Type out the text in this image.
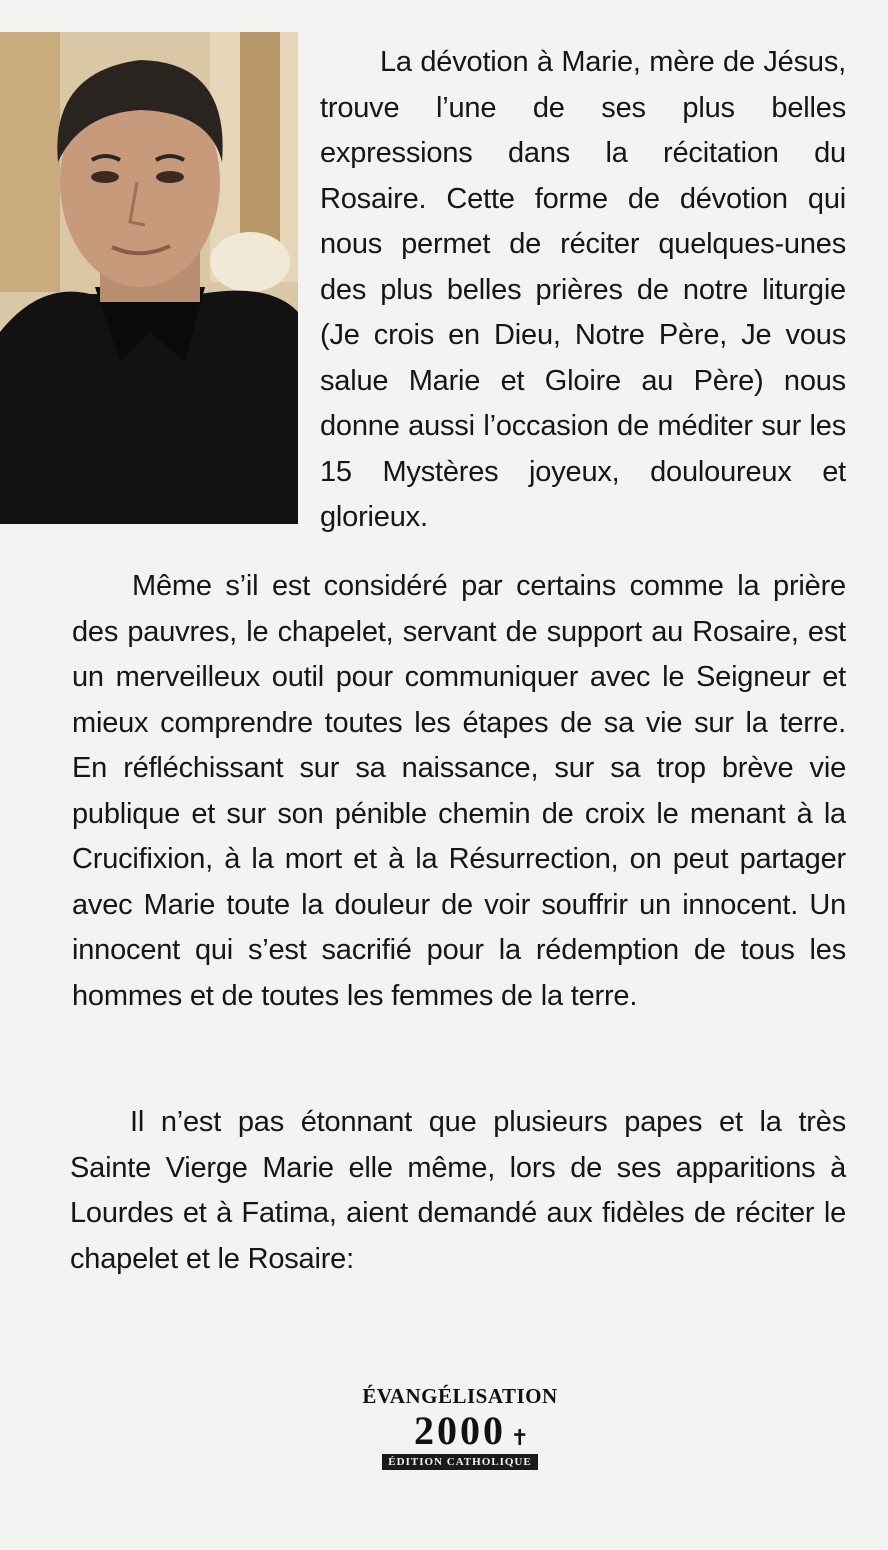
La dévotion à Marie, mère de Jésus, trouve l’une de ses plus belles expressions dans la récitation du Rosaire. Cette forme de dévotion qui nous permet de réciter quelques-unes des plus belles prières de notre liturgie (Je crois en Dieu, Notre Père, Je vous salue Marie et Gloire au Père) nous donne aussi l’occasion de méditer sur les 15 Mystères joyeux, douloureux et glorieux.

Même s’il est considéré par certains comme la prière des pauvres, le chapelet, servant de support au Rosaire, est un merveilleux outil pour communiquer avec le Seigneur et mieux comprendre toutes les étapes de sa vie sur la terre. En réfléchissant sur sa naissance, sur sa trop brève vie publique et sur son pénible chemin de croix le menant à la Crucifixion, à la mort et à la Résurrection, on peut partager avec Marie toute la douleur de voir souffrir un innocent. Un innocent qui s’est sacrifié pour la rédemption de tous les hommes et de toutes les femmes de la terre.

Il n’est pas étonnant que plusieurs papes et la très Sainte Vierge Marie elle même, lors de ses apparitions à Lourdes et à Fatima, aient demandé aux fidèles de réciter le chapelet et le Rosaire:

ÉVANGÉLISATION
2000 ✝
ÉDITION CATHOLIQUE
